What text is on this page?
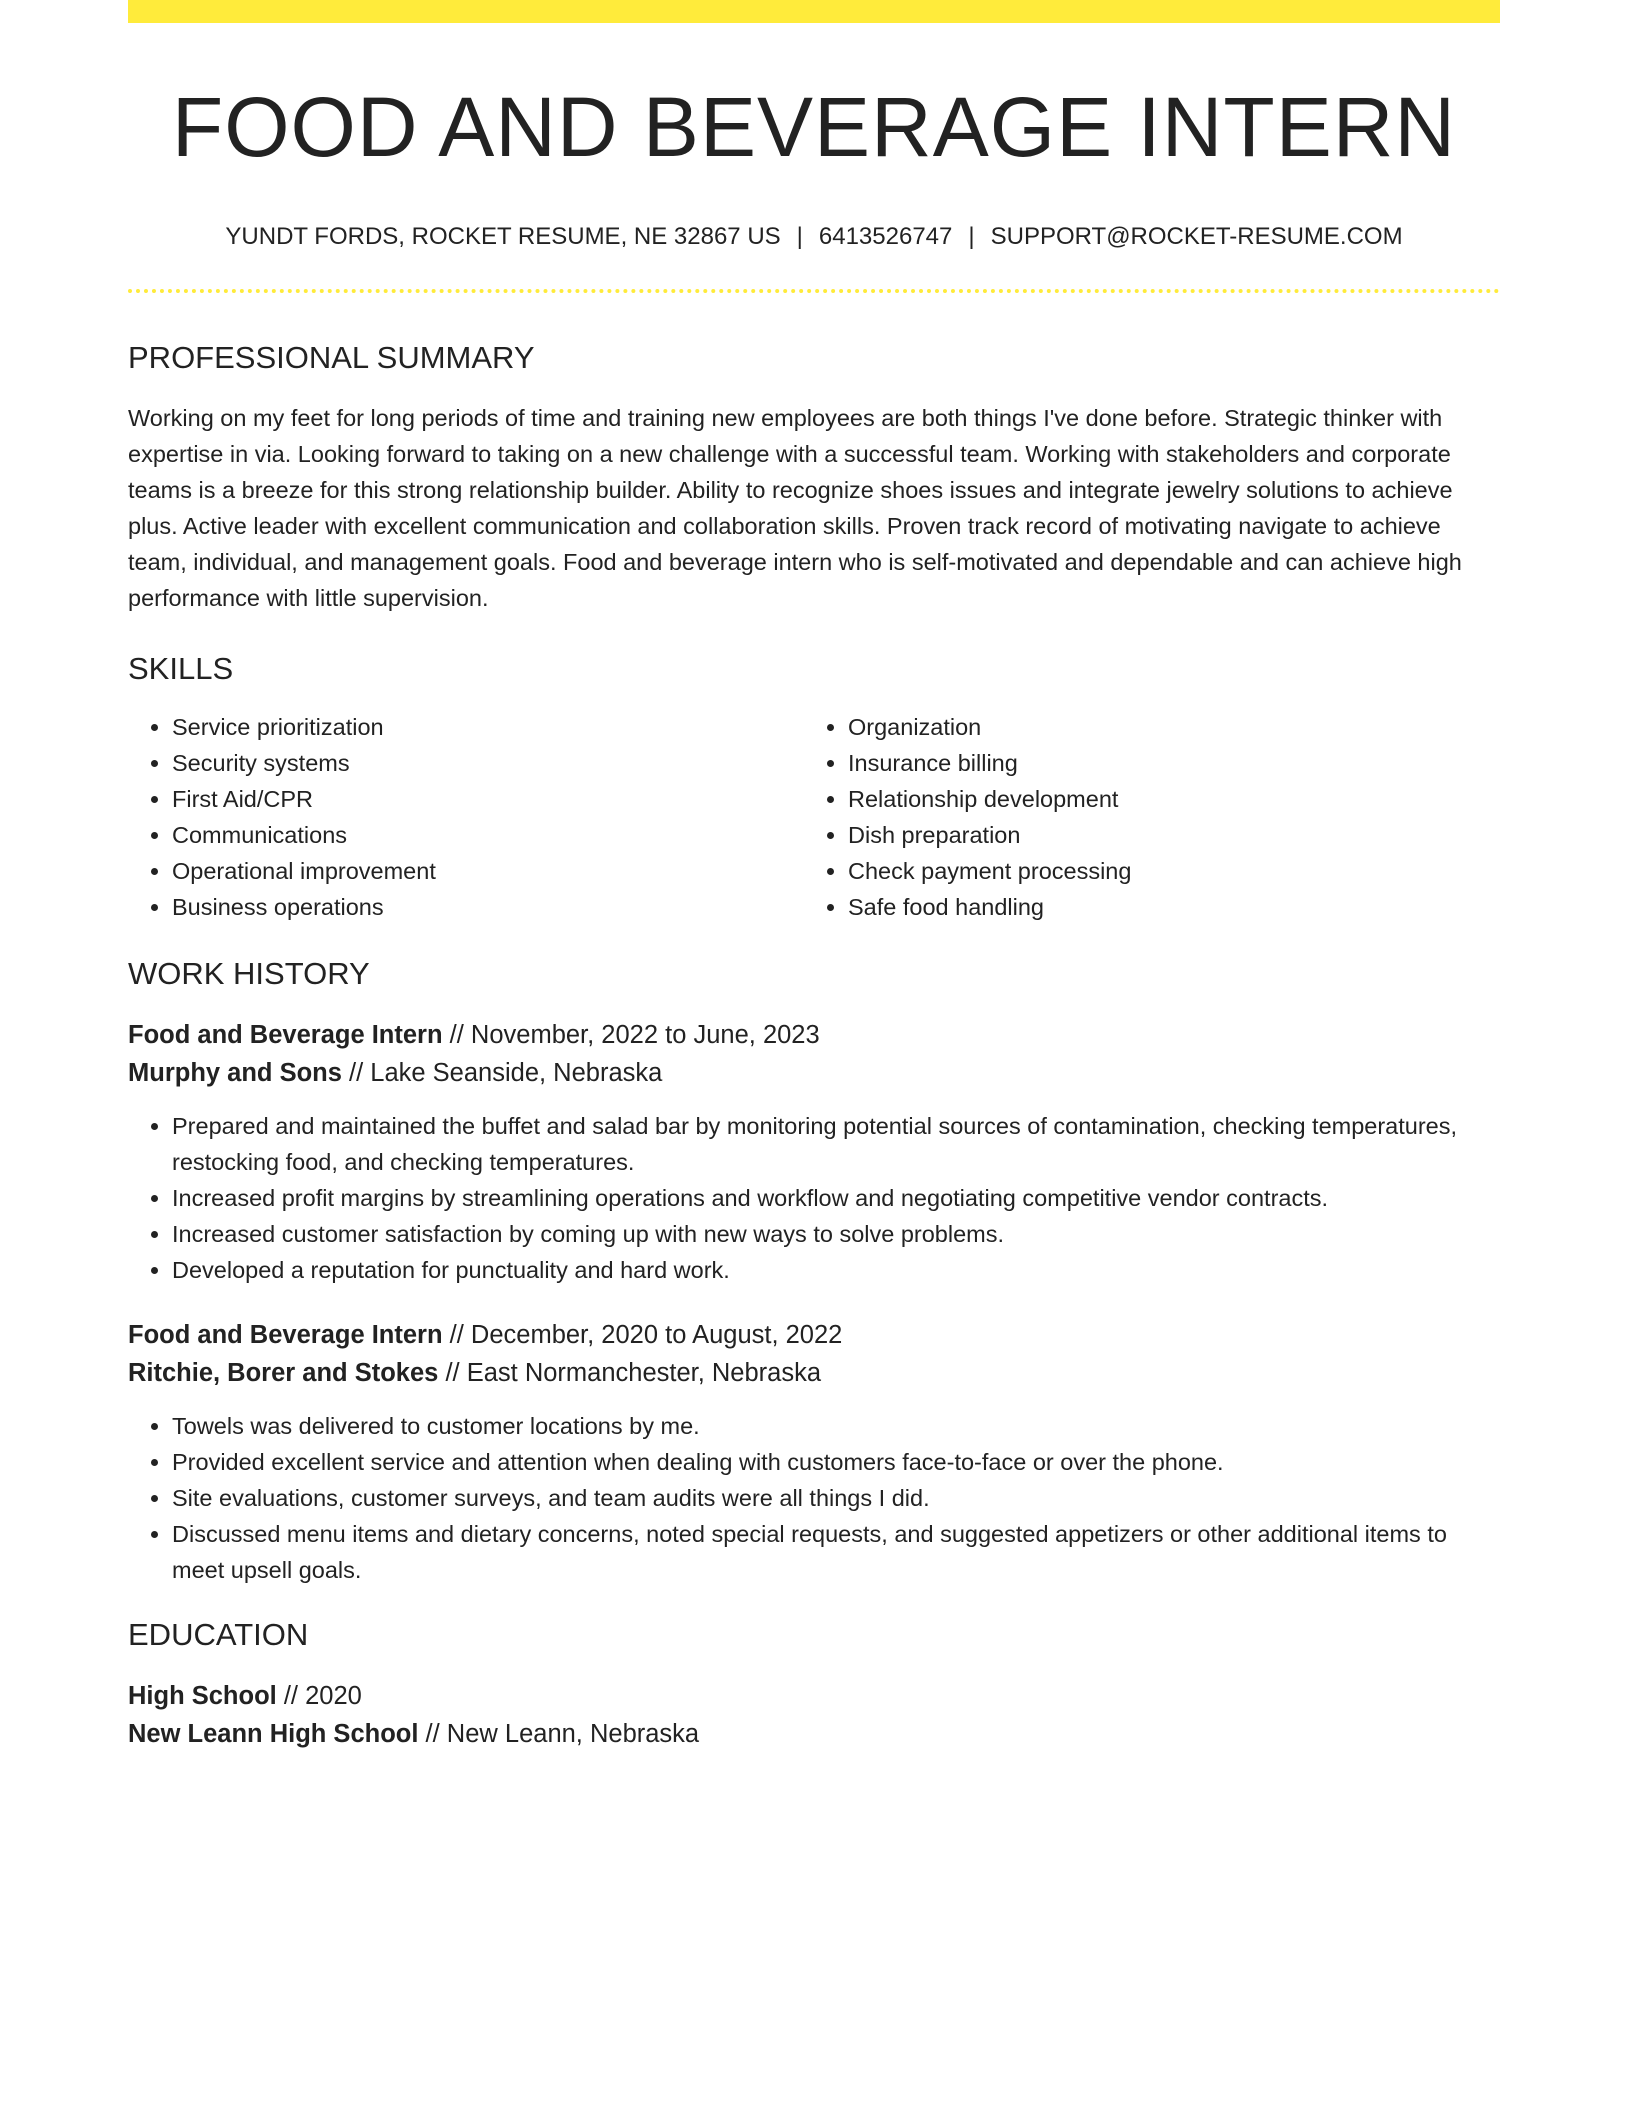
FOOD AND BEVERAGE INTERN
YUNDT FORDS, ROCKET RESUME, NE 32867 US | 6413526747 | SUPPORT@ROCKET-RESUME.COM
PROFESSIONAL SUMMARY

Working on my feet for long periods of time and training new employees are both things I've done before. Strategic thinker with expertise in via. Looking forward to taking on a new challenge with a successful team. Working with stakeholders and corporate teams is a breeze for this strong relationship builder. Ability to recognize shoes issues and integrate jewelry solutions to achieve plus. Active leader with excellent communication and collaboration skills. Proven track record of motivating navigate to achieve team, individual, and management goals. Food and beverage intern who is self-motivated and dependable and can achieve high performance with little supervision.

SKILLS
• Service prioritization
• Security systems
• First Aid/CPR
• Communications
• Operational improvement
• Business operations
• Organization
• Insurance billing
• Relationship development
• Dish preparation
• Check payment processing
• Safe food handling
WORK HISTORY
Food and Beverage Intern // November, 2022 to June, 2023
Murphy and Sons // Lake Seanside, Nebraska
• Prepared and maintained the buffet and salad bar by monitoring potential sources of contamination, checking temperatures, restocking food, and checking temperatures.
• Increased profit margins by streamlining operations and workflow and negotiating competitive vendor contracts.
• Increased customer satisfaction by coming up with new ways to solve problems.
• Developed a reputation for punctuality and hard work.
Food and Beverage Intern // December, 2020 to August, 2022
Ritchie, Borer and Stokes // East Normanchester, Nebraska
• Towels was delivered to customer locations by me.
• Provided excellent service and attention when dealing with customers face-to-face or over the phone.
• Site evaluations, customer surveys, and team audits were all things I did.
• Discussed menu items and dietary concerns, noted special requests, and suggested appetizers or other additional items to meet upsell goals.
EDUCATION
High School // 2020
New Leann High School // New Leann, Nebraska
